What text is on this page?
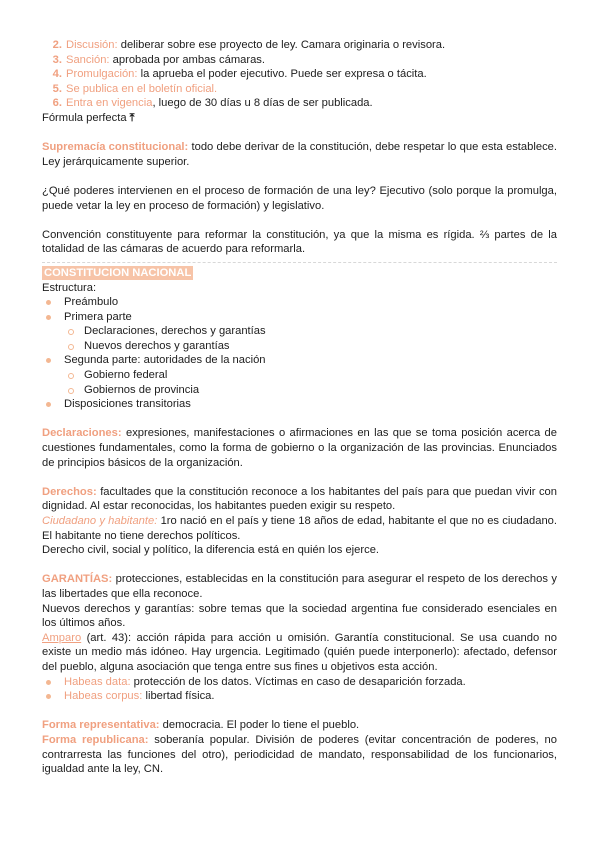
2. Discusión: deliberar sobre ese proyecto de ley. Camara originaria o revisora.
3. Sanción: aprobada por ambas cámaras.
4. Promulgación: la aprueba el poder ejecutivo. Puede ser expresa o tácita.
5. Se publica en el boletín oficial.
6. Entra en vigencia, luego de 30 días u 8 días de ser publicada.

Fórmula perfecta ⤒

Supremacía constitucional: todo debe derivar de la constitución, debe respetar lo que esta establece. Ley jerárquicamente superior.

¿Qué poderes intervienen en el proceso de formación de una ley? Ejecutivo (solo porque la promulga, puede vetar la ley en proceso de formación) y legislativo.

Convención constituyente para reformar la constitución, ya que la misma es rígida. ⅔ partes de la totalidad de las cámaras de acuerdo para reformarla.

CONSTITUCION NACIONAL

Estructura:

Preámbulo
Primera parte
Declaraciones, derechos y garantías
Nuevos derechos y garantías
Segunda parte: autoridades de la nación
Gobierno federal
Gobiernos de provincia
Disposiciones transitorias

Declaraciones: expresiones, manifestaciones o afirmaciones en las que se toma posición acerca de cuestiones fundamentales, como la forma de gobierno o la organización de las provincias. Enunciados de principios básicos de la organización.

Derechos: facultades que la constitución reconoce a los habitantes del país para que puedan vivir con dignidad. Al estar reconocidas, los habitantes pueden exigir su respeto.

Ciudadano y habitante: 1ro nació en el país y tiene 18 años de edad, habitante el que no es ciudadano. El habitante no tiene derechos políticos.

Derecho civil, social y político, la diferencia está en quién los ejerce.

GARANTÍAS: protecciones, establecidas en la constitución para asegurar el respeto de los derechos y las libertades que ella reconoce.

Nuevos derechos y garantías: sobre temas que la sociedad argentina fue considerado esenciales en los últimos años.

Amparo (art. 43): acción rápida para acción u omisión. Garantía constitucional. Se usa cuando no existe un medio más idóneo. Hay urgencia. Legitimado (quién puede interponerlo): afectado, defensor del pueblo, alguna asociación que tenga entre sus fines u objetivos esta acción.

Habeas data: protección de los datos. Víctimas en caso de desaparición forzada.
Habeas corpus: libertad física.

Forma representativa: democracia. El poder lo tiene el pueblo.

Forma republicana: soberanía popular. División de poderes (evitar concentración de poderes, no contrarresta las funciones del otro), periodicidad de mandato, responsabilidad de los funcionarios, igualdad ante la ley, CN.
